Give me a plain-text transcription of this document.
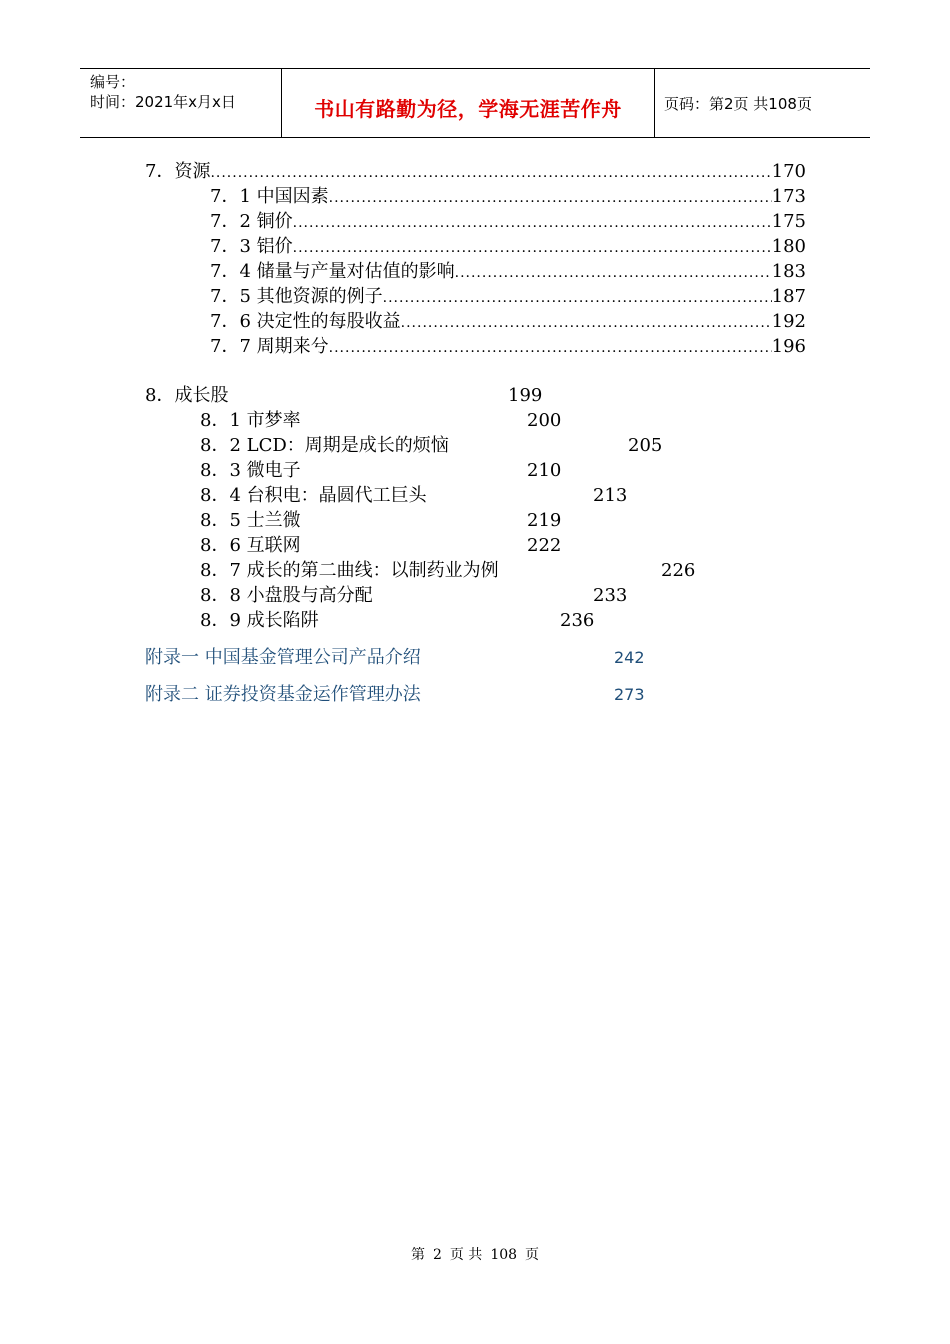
编号：
时间：2021年x月x日	书山有路勤为径，学海无涯苦作舟	页码：第2页 共108页
7．资源 .....	170
7．1 中国因素 .....	173
7．2 铜价 .....	175
7．3 铝价 .....	180
7．4 储量与产量对估值的影响 .....	183
7．5 其他资源的例子 .....	187
7．6 决定性的每股收益 .....	192
7．7 周期来兮 .....	196
8．成长股	199
8．1 市梦率	200
8．2 LCD：周期是成长的烦恼	205
8．3 微电子	210
8．4 台积电：晶圆代工巨头	213
8．5 士兰微	219
8．6 互联网	222
8．7 成长的第二曲线：以制药业为例	226
8．8 小盘股与高分配	233
8．9 成长陷阱	236
附录一 中国基金管理公司产品介绍	242
附录二 证券投资基金运作管理办法	273
第 2 页 共 108 页
